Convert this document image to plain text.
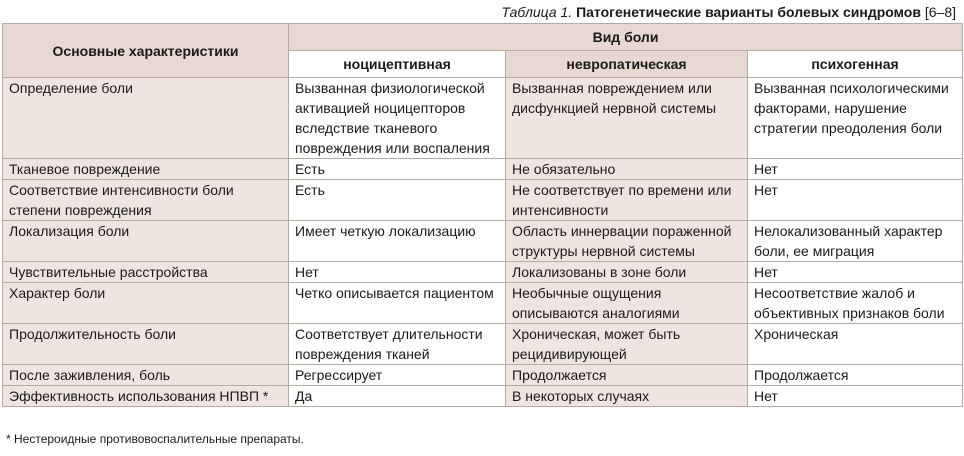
Таблица 1. Патогенетические варианты болевых синдромов [6–8]
Основные характеристики	Вид боли		
	ноцицептивная	невропатическая	психогенная
Определение боли	Вызванная физиологической активацией ноцицепторов вследствие тканевого повреждения или воспаления	Вызванная повреждением или дисфункцией нервной системы	Вызванная психологическими факторами, нарушение стратегии преодоления боли
Тканевое повреждение	Есть	Не обязательно	Нет
Соответствие интенсивности боли степени повреждения	Есть	Не соответствует по времени или интенсивности	Нет
Локализация боли	Имеет четкую локализацию	Область иннервации пораженной структуры нервной системы	Нелокализованный характер боли, ее миграция
Чувствительные расстройства	Нет	Локализованы в зоне боли	Нет
Характер боли	Четко описывается пациентом	Необычные ощущения описываются аналогиями	Несоответствие жалоб и объективных признаков боли
Продолжительность боли	Соответствует длительности повреждения тканей	Хроническая, может быть рецидивирующей	Хроническая
После заживления, боль	Регрессирует	Продолжается	Продолжается
Эффективность использования НПВП *	Да	В некоторых случаях	Нет
* Нестероидные противовоспалительные препараты.
